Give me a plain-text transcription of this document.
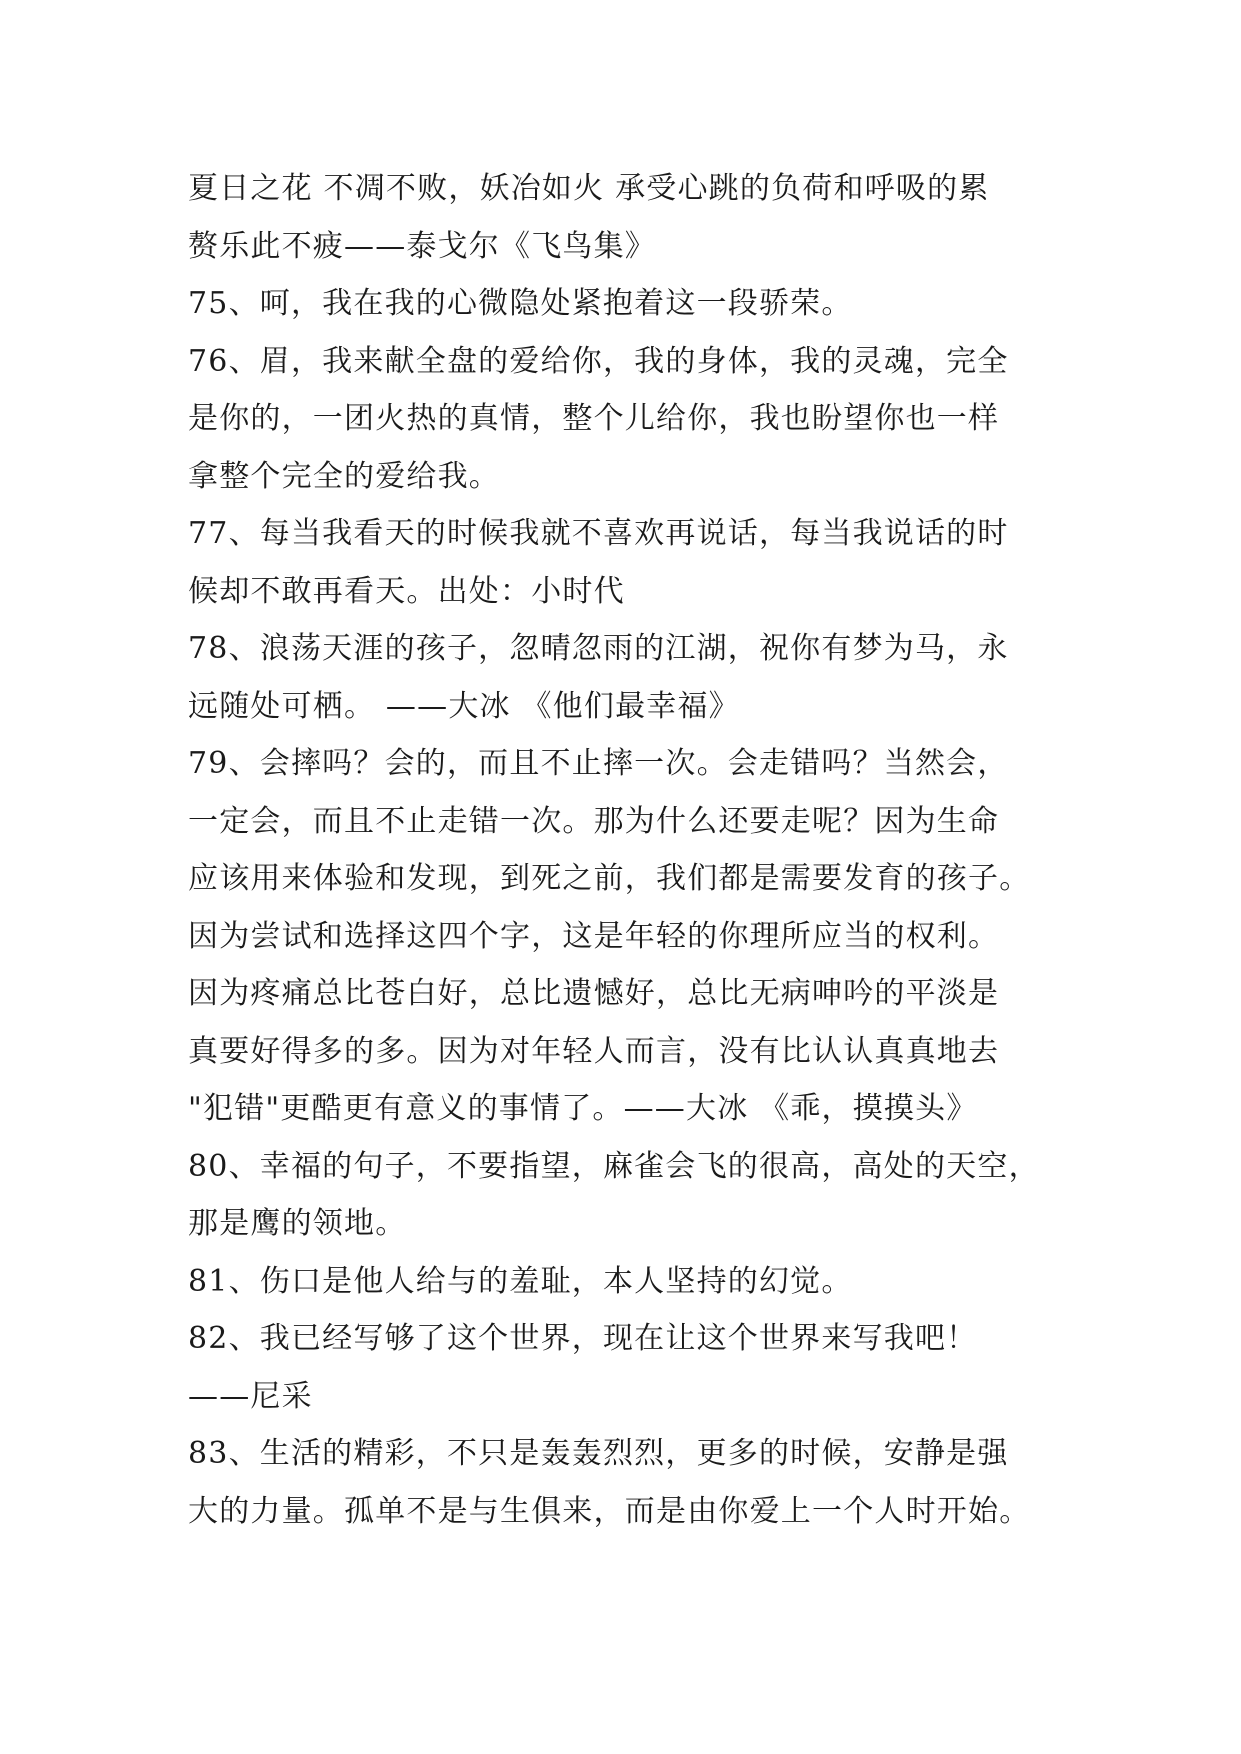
夏日之花 不凋不败，妖冶如火 承受心跳的负荷和呼吸的累
赘乐此不疲——泰戈尔《飞鸟集》
75、呵，我在我的心微隐处紧抱着这一段骄荣。
76、眉，我来献全盘的爱给你，我的身体，我的灵魂，完全
是你的，一团火热的真情，整个儿给你，我也盼望你也一样
拿整个完全的爱给我。
77、每当我看天的时候我就不喜欢再说话，每当我说话的时
候却不敢再看天。出处：小时代
78、浪荡天涯的孩子，忽晴忽雨的江湖，祝你有梦为马，永
远随处可栖。 ——大冰 《他们最幸福》
79、会摔吗？会的，而且不止摔一次。会走错吗？当然会，
一定会，而且不止走错一次。那为什么还要走呢？因为生命
应该用来体验和发现，到死之前，我们都是需要发育的孩子。
因为尝试和选择这四个字，这是年轻的你理所应当的权利。
因为疼痛总比苍白好，总比遗憾好，总比无病呻吟的平淡是
真要好得多的多。因为对年轻人而言，没有比认认真真地去
"犯错"更酷更有意义的事情了。——大冰 《乖，摸摸头》
80、幸福的句子，不要指望，麻雀会飞的很高，高处的天空，
那是鹰的领地。
81、伤口是他人给与的羞耻，本人坚持的幻觉。
82、我已经写够了这个世界，现在让这个世界来写我吧！
——尼采
83、生活的精彩，不只是轰轰烈烈，更多的时候，安静是强
大的力量。孤单不是与生俱来，而是由你爱上一个人时开始。
